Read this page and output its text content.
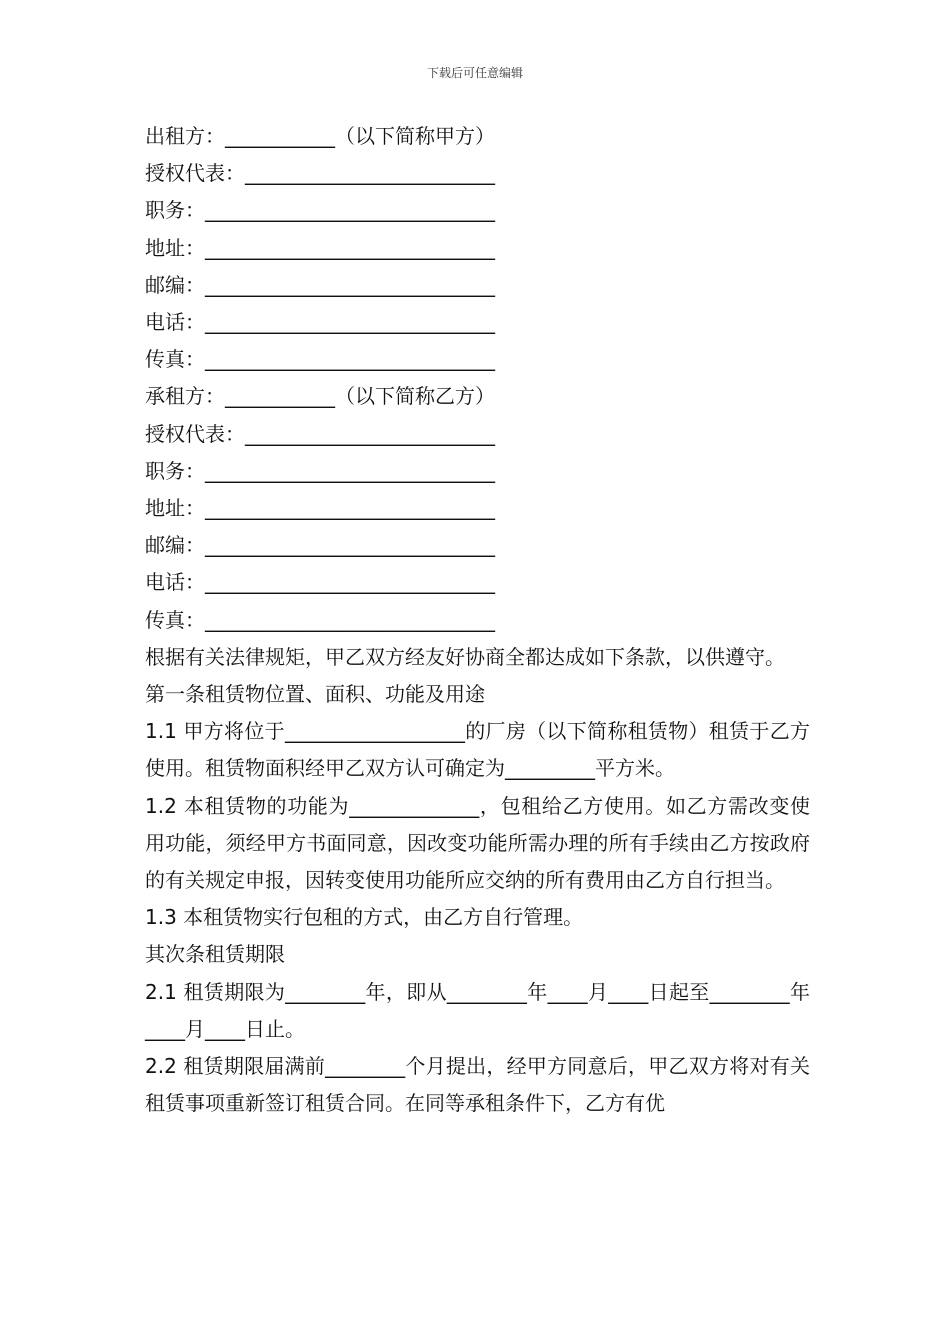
下载后可任意编辑

出租方：___________（以下简称甲方）

授权代表：_________________________

职务：_____________________________

地址：_____________________________

邮编：_____________________________

电话：_____________________________

传真：_____________________________

承租方：___________（以下简称乙方）

授权代表：_________________________

职务：_____________________________

地址：_____________________________

邮编：_____________________________

电话：_____________________________

传真：_____________________________

根据有关法律规矩，甲乙双方经友好协商全都达成如下条款，以供遵守。

第一条租赁物位置、面积、功能及用途

1.1 甲方将位于__________________的厂房（以下简称租赁物）租赁于乙方使用。租赁物面积经甲乙双方认可确定为_________平方米。

1.2 本租赁物的功能为_____________，包租给乙方使用。如乙方需改变使用功能，须经甲方书面同意，因改变功能所需办理的所有手续由乙方按政府的有关规定申报，因转变使用功能所应交纳的所有费用由乙方自行担当。

1.3 本租赁物实行包租的方式，由乙方自行管理。

其次条租赁期限

2.1 租赁期限为________年，即从________年____月____日起至________年____月____日止。

2.2 租赁期限届满前________个月提出，经甲方同意后，甲乙双方将对有关租赁事项重新签订租赁合同。在同等承租条件下，乙方有优
